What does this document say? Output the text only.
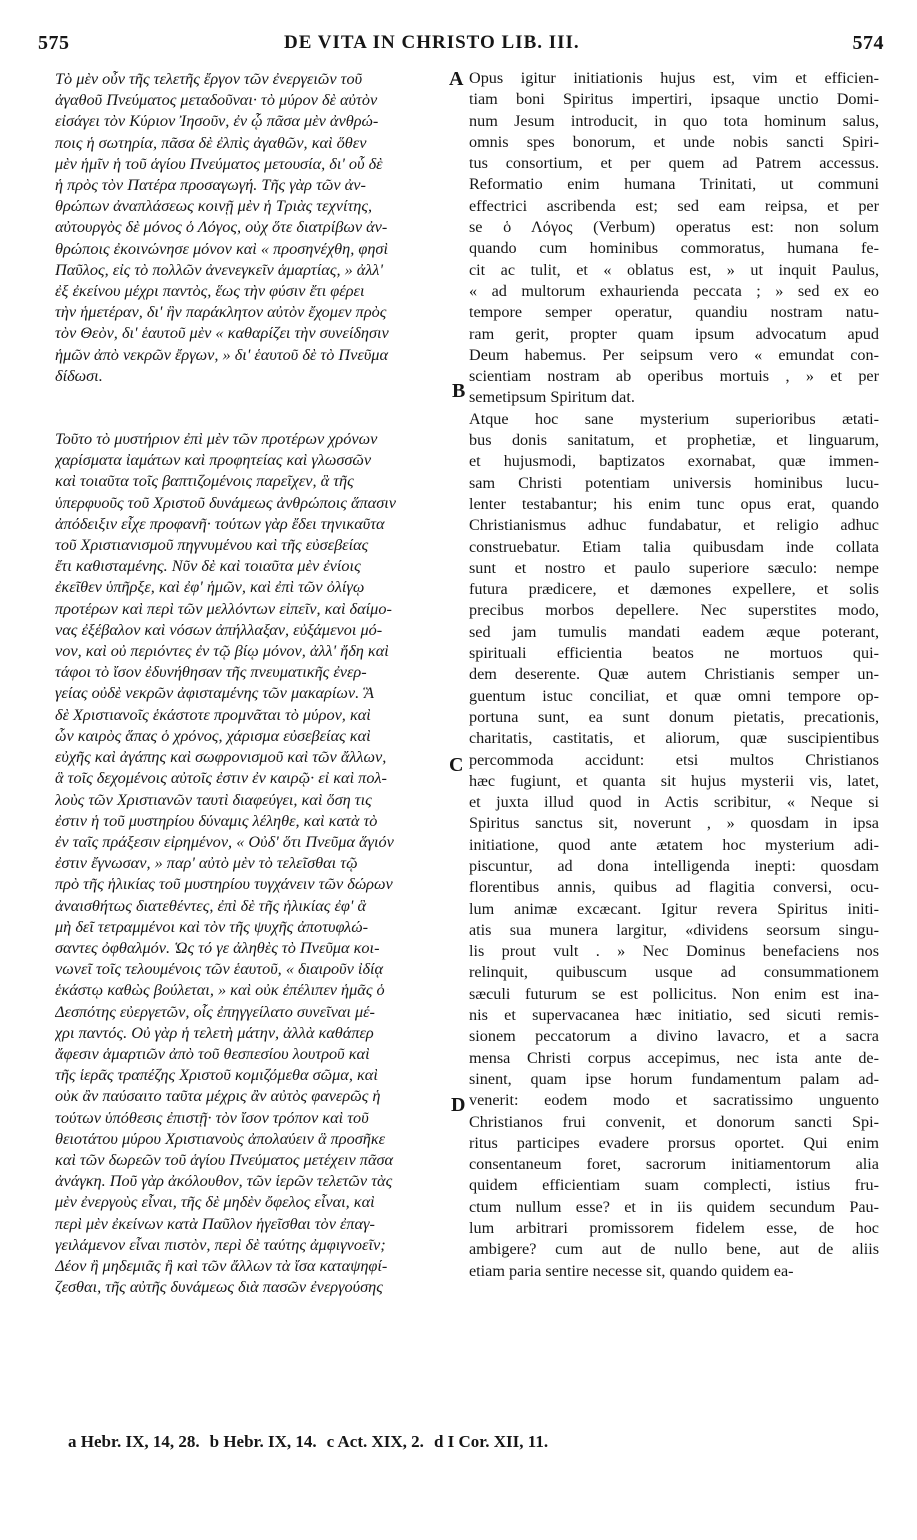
575	DE VITA IN CHRISTO LIB. III.	574
A
B
C
D
Τὸ μὲν οὖν τῆς τελετῆς ἔργον τῶν ἐνεργειῶν τοῦ
ἀγαθοῦ Πνεύματος μεταδοῦναι· τὸ μύρον δὲ αὐτὸν
εἰσάγει τὸν Κύριον Ἰησοῦν, ἐν ᾧ πᾶσα μὲν ἀνθρώ-
ποις ἡ σωτηρία, πᾶσα δὲ ἐλπὶς ἀγαθῶν, καὶ ὅθεν
μὲν ἡμῖν ἡ τοῦ ἁγίου Πνεύματος μετουσία, δι' οὗ δὲ
ἡ πρὸς τὸν Πατέρα προσαγωγή. Τῆς γὰρ τῶν ἀν-
θρώπων ἀναπλάσεως κοινῇ μὲν ἡ Τριὰς τεχνίτης,
αὐτουργὸς δὲ μόνος ὁ Λόγος, οὐχ ὅτε διατρίβων ἀν-
θρώποις ἐκοινώνησε μόνον καὶ « προσηνέχθη, φησὶ
Παῦλος, εἰς τὸ πολλῶν ἀνενεγκεῖν ἁμαρτίας, » ἀλλ'
ἐξ ἐκείνου μέχρι παντὸς, ἕως τὴν φύσιν ἔτι φέρει
τὴν ἡμετέραν, δι' ἣν παράκλητον αὐτὸν ἔχομεν πρὸς
τὸν Θεὸν, δι' ἑαυτοῦ μὲν « καθαρίζει τὴν συνείδησιν
ἡμῶν ἀπὸ νεκρῶν ἔργων, » δι' ἑαυτοῦ δὲ τὸ Πνεῦμα
δίδωσι.
Τοῦτο τὸ μυστήριον ἐπὶ μὲν τῶν προτέρων χρόνων
χαρίσματα ἰαμάτων καὶ προφητείας καὶ γλωσσῶν
καὶ τοιαῦτα τοῖς βαπτιζομένοις παρεῖχεν, ἃ τῆς
ὑπερφυοῦς τοῦ Χριστοῦ δυνάμεως ἀνθρώποις ἅπασιν
ἀπόδειξιν εἶχε προφανῆ· τούτων γὰρ ἔδει τηνικαῦτα
τοῦ Χριστιανισμοῦ πηγνυμένου καὶ τῆς εὐσεβείας
ἔτι καθισταμένης. Νῦν δὲ καὶ τοιαῦτα μὲν ἐνίοις
ἐκεῖθεν ὑπῆρξε, καὶ ἐφ' ἡμῶν, καὶ ἐπὶ τῶν ὀλίγῳ
προτέρων καὶ περὶ τῶν μελλόντων εἰπεῖν, καὶ δαίμο-
νας ἐξέβαλον καὶ νόσων ἀπήλλαξαν, εὐξάμενοι μό-
νον, καὶ οὐ περιόντες ἐν τῷ βίῳ μόνον, ἀλλ' ἤδη καὶ
τάφοι τὸ ἴσον ἐδυνήθησαν τῆς πνευματικῆς ἐνερ-
γείας οὐδὲ νεκρῶν ἀφισταμένης τῶν μακαρίων. Ἃ
δὲ Χριστιανοῖς ἑκάστοτε προμνᾶται τὸ μύρον, καὶ
ὧν καιρὸς ἅπας ὁ χρόνος, χάρισμα εὐσεβείας καὶ
εὐχῆς καὶ ἀγάπης καὶ σωφρονισμοῦ καὶ τῶν ἄλλων,
ἃ τοῖς δεχομένοις αὐτοῖς ἐστιν ἐν καιρῷ· εἰ καὶ πολ-
λοὺς τῶν Χριστιανῶν ταυτὶ διαφεύγει, καὶ ὅση τις
ἐστιν ἡ τοῦ μυστηρίου δύναμις λέληθε, καὶ κατὰ τὸ
ἐν ταῖς πράξεσιν εἰρημένον, « Οὐδ' ὅτι Πνεῦμα ἅγιόν
ἐστιν ἔγνωσαν, » παρ' αὐτὸ μὲν τὸ τελεῖσθαι τῷ
πρὸ τῆς ἡλικίας τοῦ μυστηρίου τυγχάνειν τῶν δώρων
ἀναισθήτως διατεθέντες, ἐπὶ δὲ τῆς ἡλικίας ἐφ' ἃ
μὴ δεῖ τετραμμένοι καὶ τὸν τῆς ψυχῆς ἀποτυφλώ-
σαντες ὀφθαλμόν. Ὡς τό γε ἀληθὲς τὸ Πνεῦμα κοι-
νωνεῖ τοῖς τελουμένοις τῶν ἑαυτοῦ, « διαιροῦν ἰδίᾳ
ἑκάστῳ καθὼς βούλεται, » καὶ οὐκ ἐπέλιπεν ἡμᾶς ὁ
Δεσπότης εὐεργετῶν, οἷς ἐπηγγείλατο συνεῖναι μέ-
χρι παντός. Οὐ γὰρ ἡ τελετὴ μάτην, ἀλλὰ καθάπερ
ἄφεσιν ἁμαρτιῶν ἀπὸ τοῦ θεσπεσίου λουτροῦ καὶ
τῆς ἱερᾶς τραπέζης Χριστοῦ κομιζόμεθα σῶμα, καὶ
οὐκ ἂν παύσαιτο ταῦτα μέχρις ἂν αὐτὸς φανερῶς ἡ
τούτων ὑπόθεσις ἐπιστῇ· τὸν ἴσον τρόπον καὶ τοῦ
θειοτάτου μύρου Χριστιανοὺς ἀπολαύειν ἃ προσῆκε
καὶ τῶν δωρεῶν τοῦ ἁγίου Πνεύματος μετέχειν πᾶσα
ἀνάγκη. Ποῦ γὰρ ἀκόλουθον, τῶν ἱερῶν τελετῶν τὰς
μὲν ἐνεργοὺς εἶναι, τῆς δὲ μηδὲν ὄφελος εἶναι, καὶ
περὶ μὲν ἐκείνων κατὰ Παῦλον ἡγεῖσθαι τὸν ἐπαγ-
γειλάμενον εἶναι πιστὸν, περὶ δὲ ταύτης ἀμφιγνοεῖν;
Δέον ἢ μηδεμιᾶς ἢ καὶ τῶν ἄλλων τὰ ἴσα καταψηφί-
ζεσθαι, τῆς αὐτῆς δυνάμεως διὰ πασῶν ἐνεργούσης
Opus igitur initiationis hujus est, vim et efficien-
tiam boni Spiritus impertiri, ipsaque unctio Domi-
num Jesum introducit, in quo tota hominum salus,
omnis spes bonorum, et unde nobis sancti Spiri-
tus consortium, et per quem ad Patrem accessus.
Reformatio enim humana Trinitati, ut communi
effectrici ascribenda est; sed eam reipsa, et per
se ὁ Λόγος (Verbum) operatus est: non solum
quando cum hominibus commoratus, humana fe-
cit ac tulit, et « oblatus est, » ut inquit Paulus,
« ad multorum exhaurienda peccata ; » sed ex eo
tempore semper operatur, quandiu nostram natu-
ram gerit, propter quam ipsum advocatum apud
Deum habemus. Per seipsum vero « emundat con-
scientiam nostram ab operibus mortuis , » et per
semetipsum Spiritum dat.
Atque hoc sane mysterium superioribus ætati-
bus donis sanitatum, et prophetiæ, et linguarum,
et hujusmodi, baptizatos exornabat, quæ immen-
sam Christi potentiam universis hominibus lucu-
lenter testabantur; his enim tunc opus erat, quando
Christianismus adhuc fundabatur, et religio adhuc
construebatur. Etiam talia quibusdam inde collata
sunt et nostro et paulo superiore sæculo: nempe
futura prædicere, et dæmones expellere, et solis
precibus morbos depellere. Nec superstites modo,
sed jam tumulis mandati eadem æque poterant,
spirituali efficientia beatos ne mortuos qui-
dem deserente. Quæ autem Christianis semper un-
guentum istuc conciliat, et quæ omni tempore op-
portuna sunt, ea sunt donum pietatis, precationis,
charitatis, castitatis, et aliorum, quæ suscipientibus
percommoda accidunt: etsi multos Christianos
hæc fugiunt, et quanta sit hujus mysterii vis, latet,
et juxta illud quod in Actis scribitur, « Neque si
Spiritus sanctus sit, noverunt , » quosdam in ipsa
initiatione, quod ante ætatem hoc mysterium adi-
piscuntur, ad dona intelligenda inepti: quosdam
florentibus annis, quibus ad flagitia conversi, ocu-
lum animæ excæcant. Igitur revera Spiritus initi-
atis sua munera largitur, «dividens seorsum singu-
lis prout vult . » Nec Dominus benefaciens nos
relinquit, quibuscum usque ad consummationem
sæculi futurum se est pollicitus. Non enim est ina-
nis et supervacanea hæc initiatio, sed sicuti remis-
sionem peccatorum a divino lavacro, et a sacra
mensa Christi corpus accepimus, nec ista ante de-
sinent, quam ipse horum fundamentum palam ad-
venerit: eodem modo et sacratissimo unguento
Christianos frui convenit, et donorum sancti Spi-
ritus participes evadere prorsus oportet. Qui enim
consentaneum foret, sacrorum initiamentorum alia
quidem efficientiam suam complecti, istius fru-
ctum nullum esse? et in iis quidem secundum Pau-
lum arbitrari promissorem fidelem esse, de hoc
ambigere? cum aut de nullo bene, aut de aliis
etiam paria sentire necesse sit, quando quidem ea-
a Hebr. IX, 14, 28. b Hebr. IX, 14. c Act. XIX, 2. d I Cor. XII, 11.
